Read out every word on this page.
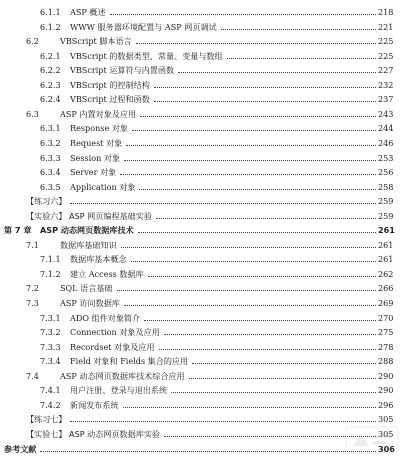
6.1.1	ASP 概述	218
6.1.2	WWW 服务器环境配置与 ASP 网页调试	221
6.2	VBScript 脚本语言	225
6.2.1	VBScript 的数据类型、常量、变量与数组	225
6.2.2	VBScript 运算符与内置函数	227
6.2.3	VBScript 的控制结构	232
6.2.4	VBScript 过程和函数	237
6.3	ASP 内置对象及应用	243
6.3.1	Response 对象	244
6.3.2	Request 对象	246
6.3.3	Session 对象	253
6.3.4	Server 对象	256
6.3.5	Application 对象	258
【练习六】	259
【实验六】 ASP 网页编程基础实验	259
第 7 章	ASP 动态网页数据库技术	261
7.1	数据库基础知识	261
7.1.1	数据库基本概念	261
7.1.2	建立 Access 数据库	262
7.2	SQL 语言基础	266
7.3	ASP 访问数据库	269
7.3.1	ADO 组件对象简介	270
7.3.2	Connection 对象及应用	275
7.3.3	Recordset 对象及应用	278
7.3.4	Field 对象和 Fields 集合的应用	288
7.4	ASP 动态网页数据库技术综合应用	290
7.4.1	用户注册、登录与退出系统	290
7.4.2	新闻发布系统	296
【练习七】	305
【实验七】 ASP 动态网页数据库实验	305
参考文献	306
